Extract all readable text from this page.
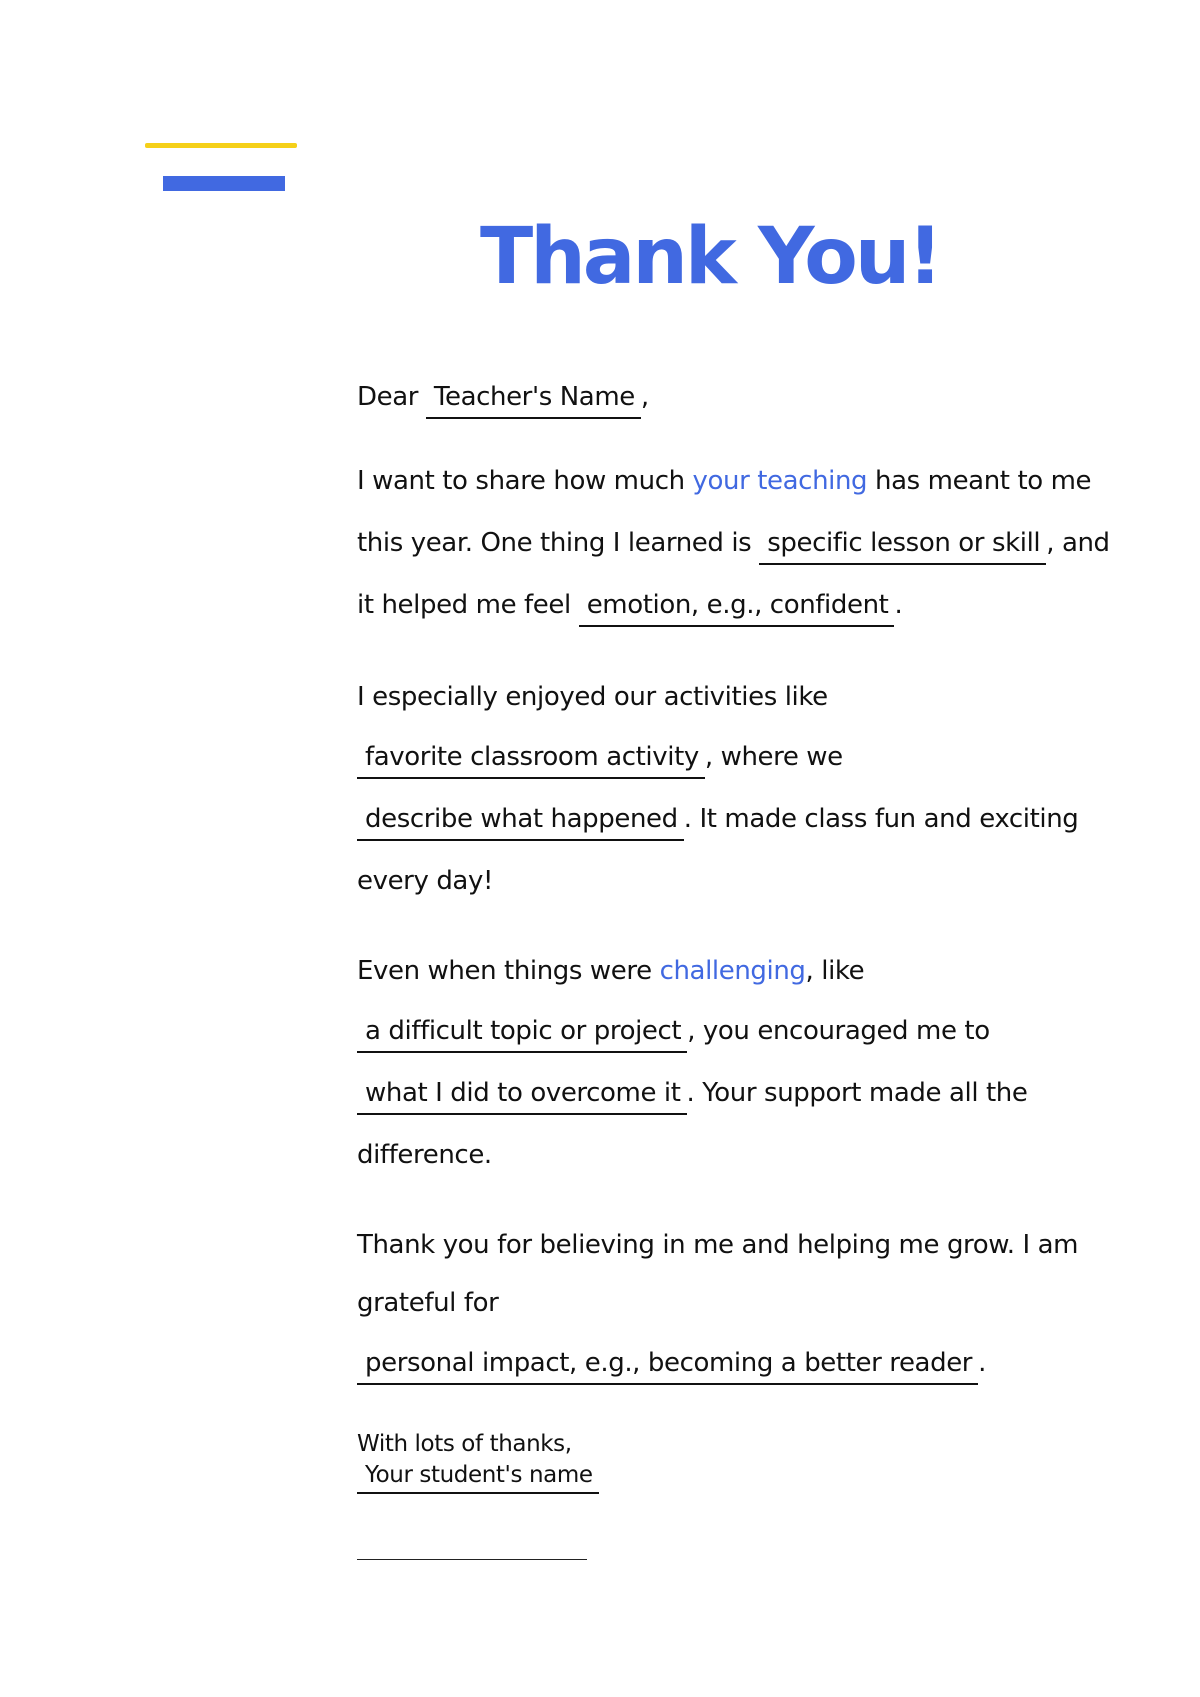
Thank You!
Dear Teacher's Name ,
I want to share how much your teaching has meant to me
this year. One thing I learned is specific lesson or skill , and
it helped me feel emotion, e.g., confident .
I especially enjoyed our activities like
favorite classroom activity , where we
describe what happened . It made class fun and exciting
every day!
Even when things were challenging, like
a difficult topic or project , you encouraged me to
what I did to overcome it . Your support made all the
difference.
Thank you for believing in me and helping me grow. I am
grateful for
personal impact, e.g., becoming a better reader .
With lots of thanks,
Your student's name
